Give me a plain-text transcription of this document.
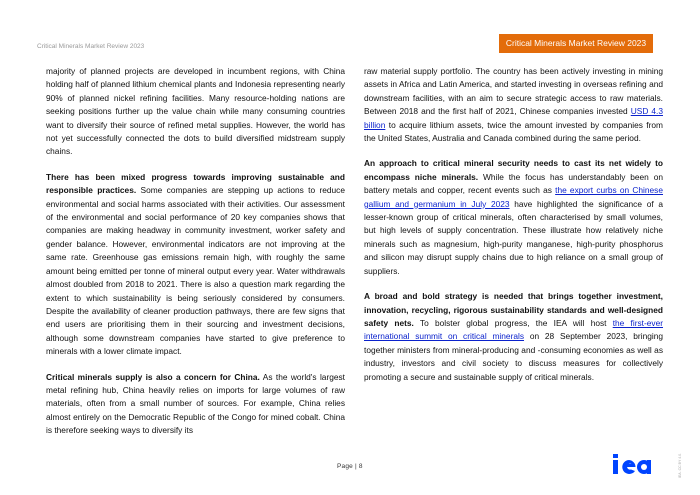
Critical Minerals Market Review 2023	Critical Minerals Market Review 2023

majority of planned projects are developed in incumbent regions, with China holding half of planned lithium chemical plants and Indonesia representing nearly 90% of planned nickel refining facilities. Many resource-holding nations are seeking positions further up the value chain while many consuming countries want to diversify their source of refined metal supplies. However, the world has not yet successfully connected the dots to build diversified midstream supply chains.

There has been mixed progress towards improving sustainable and responsible practices. Some companies are stepping up actions to reduce environmental and social harms associated with their activities. Our assessment of the environmental and social performance of 20 key companies shows that companies are making headway in community investment, worker safety and gender balance. However, environmental indicators are not improving at the same rate. Greenhouse gas emissions remain high, with roughly the same amount being emitted per tonne of mineral output every year. Water withdrawals almost doubled from 2018 to 2021. There is also a question mark regarding the extent to which sustainability is being seriously considered by consumers. Despite the availability of cleaner production pathways, there are few signs that end users are prioritising them in their sourcing and investment decisions, although some downstream companies have started to give preference to minerals with a lower climate impact.

Critical minerals supply is also a concern for China. As the world's largest metal refining hub, China heavily relies on imports for large volumes of raw materials, often from a small number of sources. For example, China relies almost entirely on the Democratic Republic of the Congo for mined cobalt. China is therefore seeking ways to diversify its

raw material supply portfolio. The country has been actively investing in mining assets in Africa and Latin America, and started investing in overseas refining and downstream facilities, with an aim to secure strategic access to raw materials. Between 2018 and the first half of 2021, Chinese companies invested USD 4.3 billion to acquire lithium assets, twice the amount invested by companies from the United States, Australia and Canada combined during the same period.

An approach to critical mineral security needs to cast its net widely to encompass niche minerals. While the focus has understandably been on battery metals and copper, recent events such as the export curbs on Chinese gallium and germanium in July 2023 have highlighted the significance of a lesser-known group of critical minerals, often characterised by small volumes, but high levels of supply concentration. These illustrate how relatively niche minerals such as magnesium, high-purity manganese, high-purity phosphorus and silicon may disrupt supply chains due to high reliance on a small group of suppliers.

A broad and bold strategy is needed that brings together investment, innovation, recycling, rigorous sustainability standards and well-designed safety nets. To bolster global progress, the IEA will host the first-ever international summit on critical minerals on 28 September 2023, bringing together ministers from mineral-producing and -consuming economies as well as industry, investors and civil society to discuss measures for collectively promoting a secure and sustainable supply of critical minerals.

Page | 8	IEA. CC BY 4.0.
